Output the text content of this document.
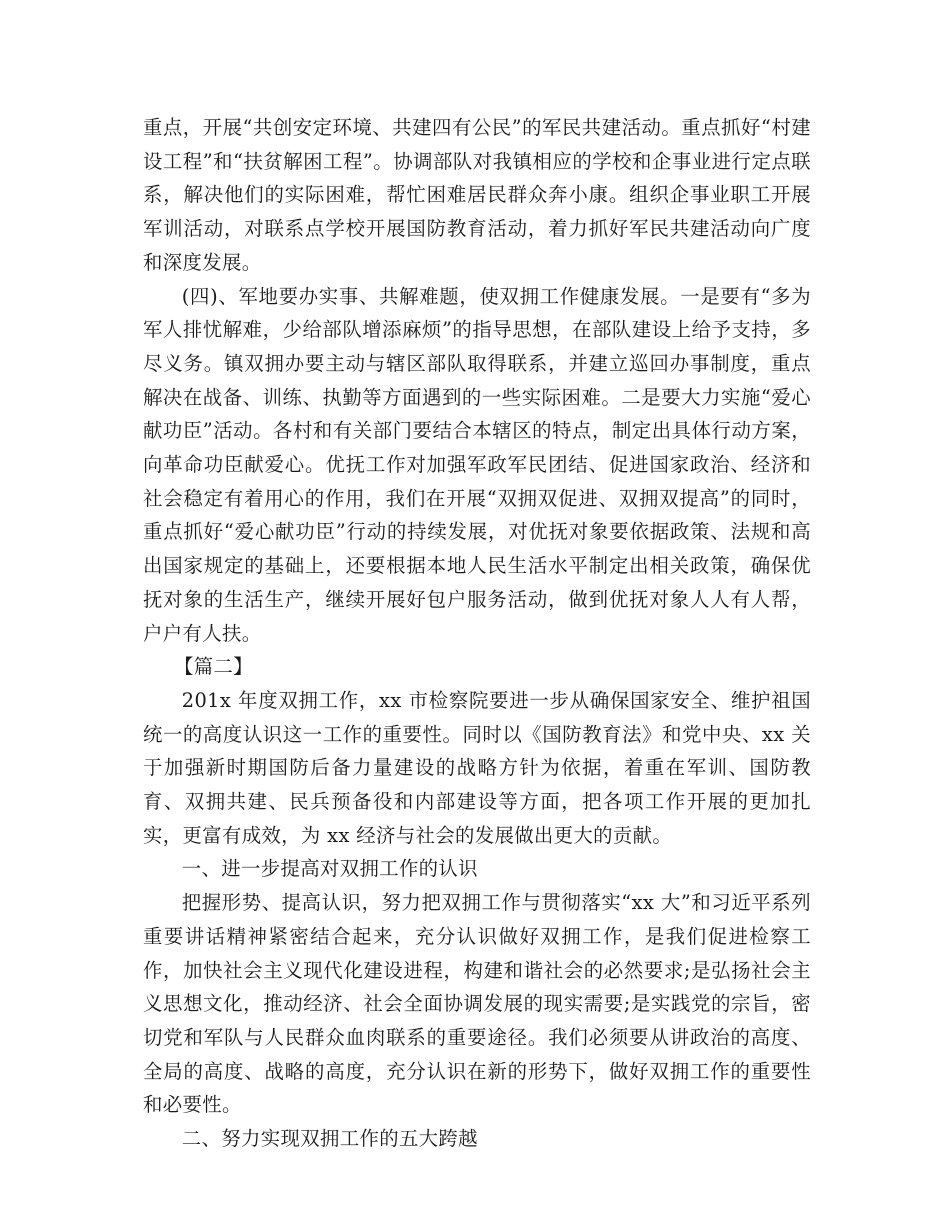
重点，开展“共创安定环境、共建四有公民”的军民共建活动。重点抓好“村建设工程”和“扶贫解困工程”。协调部队对我镇相应的学校和企事业进行定点联系，解决他们的实际困难，帮忙困难居民群众奔小康。组织企事业职工开展军训活动，对联系点学校开展国防教育活动，着力抓好军民共建活动向广度和深度发展。

(四)、军地要办实事、共解难题，使双拥工作健康发展。一是要有“多为军人排忧解难，少给部队增添麻烦”的指导思想，在部队建设上给予支持，多尽义务。镇双拥办要主动与辖区部队取得联系，并建立巡回办事制度，重点解决在战备、训练、执勤等方面遇到的一些实际困难。二是要大力实施“爱心献功臣”活动。各村和有关部门要结合本辖区的特点，制定出具体行动方案，向革命功臣献爱心。优抚工作对加强军政军民团结、促进国家政治、经济和社会稳定有着用心的作用，我们在开展“双拥双促进、双拥双提高”的同时，重点抓好“爱心献功臣”行动的持续发展，对优抚对象要依据政策、法规和高出国家规定的基础上，还要根据本地人民生活水平制定出相关政策，确保优抚对象的生活生产，继续开展好包户服务活动，做到优抚对象人人有人帮，户户有人扶。

【篇二】

201x 年度双拥工作，xx 市检察院要进一步从确保国家安全、维护祖国统一的高度认识这一工作的重要性。同时以《国防教育法》和党中央、xx 关于加强新时期国防后备力量建设的战略方针为依据，着重在军训、国防教育、双拥共建、民兵预备役和内部建设等方面，把各项工作开展的更加扎实，更富有成效，为 xx 经济与社会的发展做出更大的贡献。

一、进一步提高对双拥工作的认识

把握形势、提高认识，努力把双拥工作与贯彻落实“xx 大”和习近平系列重要讲话精神紧密结合起来，充分认识做好双拥工作，是我们促进检察工作，加快社会主义现代化建设进程，构建和谐社会的必然要求;是弘扬社会主义思想文化，推动经济、社会全面协调发展的现实需要;是实践党的宗旨，密切党和军队与人民群众血肉联系的重要途径。我们必须要从讲政治的高度、全局的高度、战略的高度，充分认识在新的形势下，做好双拥工作的重要性和必要性。

二、努力实现双拥工作的五大跨越
